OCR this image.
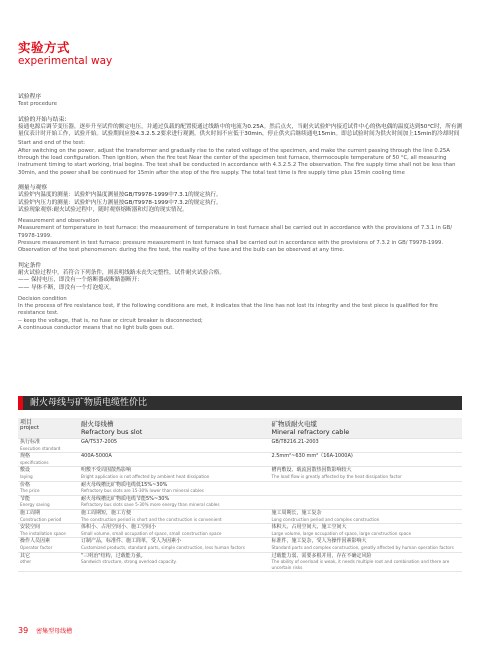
实验方式
experimental way

试验程序

Test procedure

试验的开始与结束:

接通电源后调节变压器，逐步升至试件的额定电压，并通过负载的配置使通过线路中的电流为0.25A。然后点火，当耐火试验炉内接近试件中心的热电偶的温度达到50°C时，所有测量仪表计时开始工作，试验开始。试验期间应按4.3.2.5.2要求进行观测。供火时间不应低于30min，停止供火后继续通电15min。即总试验时间为供火时间加上15min的冷却时间

Start and end of the test:

After switching on the power, adjust the transformer and gradually rise to the rated voltage of the specimen, and make the current passing through the line 0.25A through the load configuration. Then ignition, when the fire test Near the center of the specimen test furnace, thermocouple temperature of 50 °C, all measuring instrument timing to start working, trial begins. The test shall be conducted in accordance with 4.3.2.5.2 The observation. The fire supply time shall not be less than 30min, and the power shall be continued for 15min after the stop of the fire supply. The total test time is fire supply time plus 15min cooling time

测量与观察

试验炉内温度的测量：试验炉内温度测量按GB/T9978-1999中7.3.1的规定执行。

试验炉内压力的测量：试验炉内压力测量按GB/T9978-1999中7.3.2的规定执行。

试验现象观察:耐火试验过程中，随时观察熔断器和灯泡的现实情况。

Measurement and observation

Measurement of temperature in test furnace: the measurement of temperature in test furnace shall be carried out in accordance with the provisions of 7.3.1 in GB/ T9978-1999.
Pressure measurement in test furnace: pressure measurement in test furnace shall be carried out in accordance with the provisions of 7.3.2 in GB/ T9978-1999.
Observation of the test phenomenon: during the fire test, the reality of the fuse and the bulb can be observed at any time.

判定条件

耐火试验过程中，若符合下列条件，则表明线路未丧失完整性，试件耐火试验合格。

—— 保持电压，即没有一个熔断器或断路器断开：

—— 导体不断，即没有一个灯泡熄灭。

Decision condition

In the process of fire resistance test, if the following conditions are met, it indicates that the line has not lost its integrity and the test piece is qualified for fire resistance test.
-- keep the voltage, that is, no fuse or circuit breaker is disconnected;
A continuous conductor means that no light bulb goes out.

耐火母线与矿物质电缆性价比
项目
project	耐火母线槽
Refractory bus slot	矿物质耐火电缆
Mineral refractory cable

执行标准
Execution standard	GA/T537-2005	GB/T8216.21-2003

规格
specifications	400A-5000A	2.5mm²~630 mm²（16A-1000A)

敷设
laying	明敷不受周围散热影响
Bright application is not affected by ambient heat dissipation	槽内敷设、载流因散热因数影响较大
The load flow is greatly affected by the heat dissipation factor

价格
The price	耐火母线槽比矿物质电缆低15%~30%
Refractory bus slots are 15-30% lower than mineral cables	

节能
Energy saving	耐火母线槽比矿物质电缆节能5%~30%
Refractory bus slots save 5-30% more energy than mineral cables	

施工周期
Construction period	施工周期短，施工方便
The construction period is short and the construction is convenient	施工周期长，施工复杂
Long construction period and complex construction

安装空间
The installation space	体积小、占用空间小、施工空间小
Small volume, small occupation of space, small construction space	体积大、占用空间大、施工空间大
Large volume, large occupation of space, large construction space

操作人员因素
Operator factor	订制产品，标准件、施工简单，受人为因素小
Customized products, standard parts, simple construction, less human factors	标准件，施工复杂，受人为操作因素影响大
Standard parts and complex construction, greatly affected by human operation factors

其它
other	"三明治"结构，过载能力强。
Sandwich structure, strong overload capacity.	过载能力弱、需要多根并用，存在不确定风险
The ability of overload is weak, it needs multiple root and combination and there are uncertain risks
39 密集型母线槽
